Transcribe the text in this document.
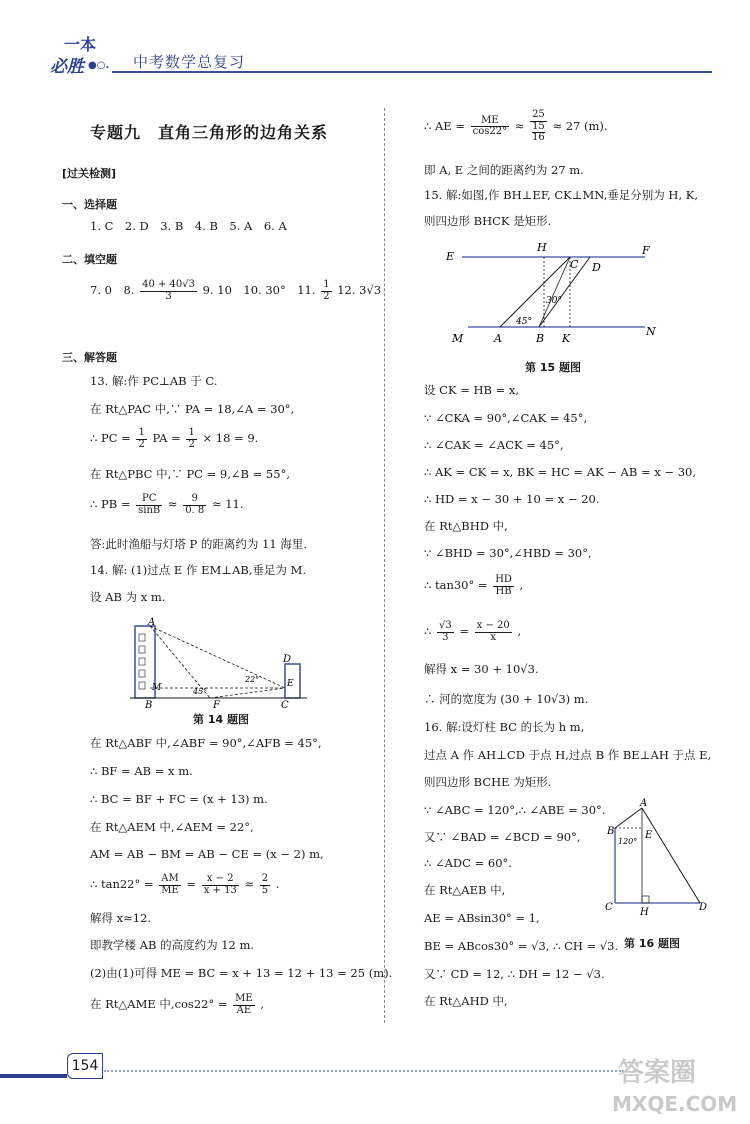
一本
必胜 ●○. 中考数学总复习
专题九　直角三角形的边角关系
[过关检测]
一、选择题
1. C　2. D　3. B　4. B　5. A　6. A
二、填空题
7. 0　8. $\frac{40 + 40√3}{3} 9$. 10　10. 30°　11. $\frac{1}{2} 12$. 3√3
三、解答题
13. 解:作 PC⊥AB 于 C.
在 Rt△PAC 中,∵ PA = 18,∠A = 30°,
∴ PC = $\frac{1}{2}$ PA = $\frac{1}{2} \times 18 = 9$.
在 Rt△PBC 中,∵ PC = 9,∠B = 55°,
∴ PB = $\frac{PC}{\sin B} \approx \frac{9}{0. 8} \approx 11$.
答:此时渔船与灯塔 P 的距离约为 11 海里.
14. 解: (1)过点 E 作 EM⊥AB,垂足为 M.
设 AB 为 x m.
A
M
B	F	C
D
E
45°
22°
第 14 题图
在 Rt△ABF 中,∠ABF = 90°,∠AFB = 45°,
∴ BF = AB = x m.
∴ BC = BF + FC = (x + 13) m.
在 Rt△AEM 中,∠AEM = 22°,
AM = AB − BM = AB − CE = (x − 2) m,
∴ $\tan 22^\circ = \frac{AM}{ME} = \frac{x - 2}{x + 13} \approx \frac{2}{5}$ .
解得 x≈12.
即教学楼 AB 的高度约为 12 m.
(2)由(1)可得 ME = BC = x + 13 = 12 + 13 = 25 (m).
在 Rt△AME 中$,\cos 22^\circ = \frac{ME}{AE}$ ,
∴ AE = $\frac{ME}{\cos 22^\circ} \approx 25$
15
16 ≈ 27 (m).
即 A, E 之间的距离约为 27 m.
15. 解:如图,作 BH⊥EF, CK⊥MN,垂足分别为 H, K,
则四边形 BHCK 是矩形.
E
H
C D
F
M	A	B K
N
30°
45°
第 15 题图
设 CK = HB = x,
∵ ∠CKA = 90°,∠CAK = 45°,
∴ ∠CAK = ∠ACK = 45°,
∴ AK = CK = x, BK = HC = AK − AB = x − 30,
∴ HD = x − 30 + 10 = x − 20.
在 Rt△BHD 中,
∵ ∠BHD = 30°,∠HBD = 30°,
∴ $\tan 30^\circ = \frac{HD}{HB}$ ,
∴ $\frac{√3}{3} = \frac{x - 20}{x}$ ,
解得 x = 30 + 10√3.
∴ 河的宽度为 (30 + 10√3) m.
16. 解:设灯柱 BC 的长为 h m,
过点 A 作 AH⊥CD 于点 H,过点 B 作 BE⊥AH 于点 E,
则四边形 BCHE 为矩形.
∵ ∠ABC = 120°,∴ ∠ABE = 30°.
又∵ ∠BAD = ∠BCD = 90°,
∴ ∠ADC = 60°.
在 Rt△AEB 中,
AE = ABsin30° = 1,
BE = ABcos30° = √3, ∴ CH = √3.
又∵ CD = 12, ∴ DH = 12 − √3.
在 Rt△AHD 中,
A
B	E
C	H	D
120°
第 16 题图
154	答案圈
MXQE.COM
